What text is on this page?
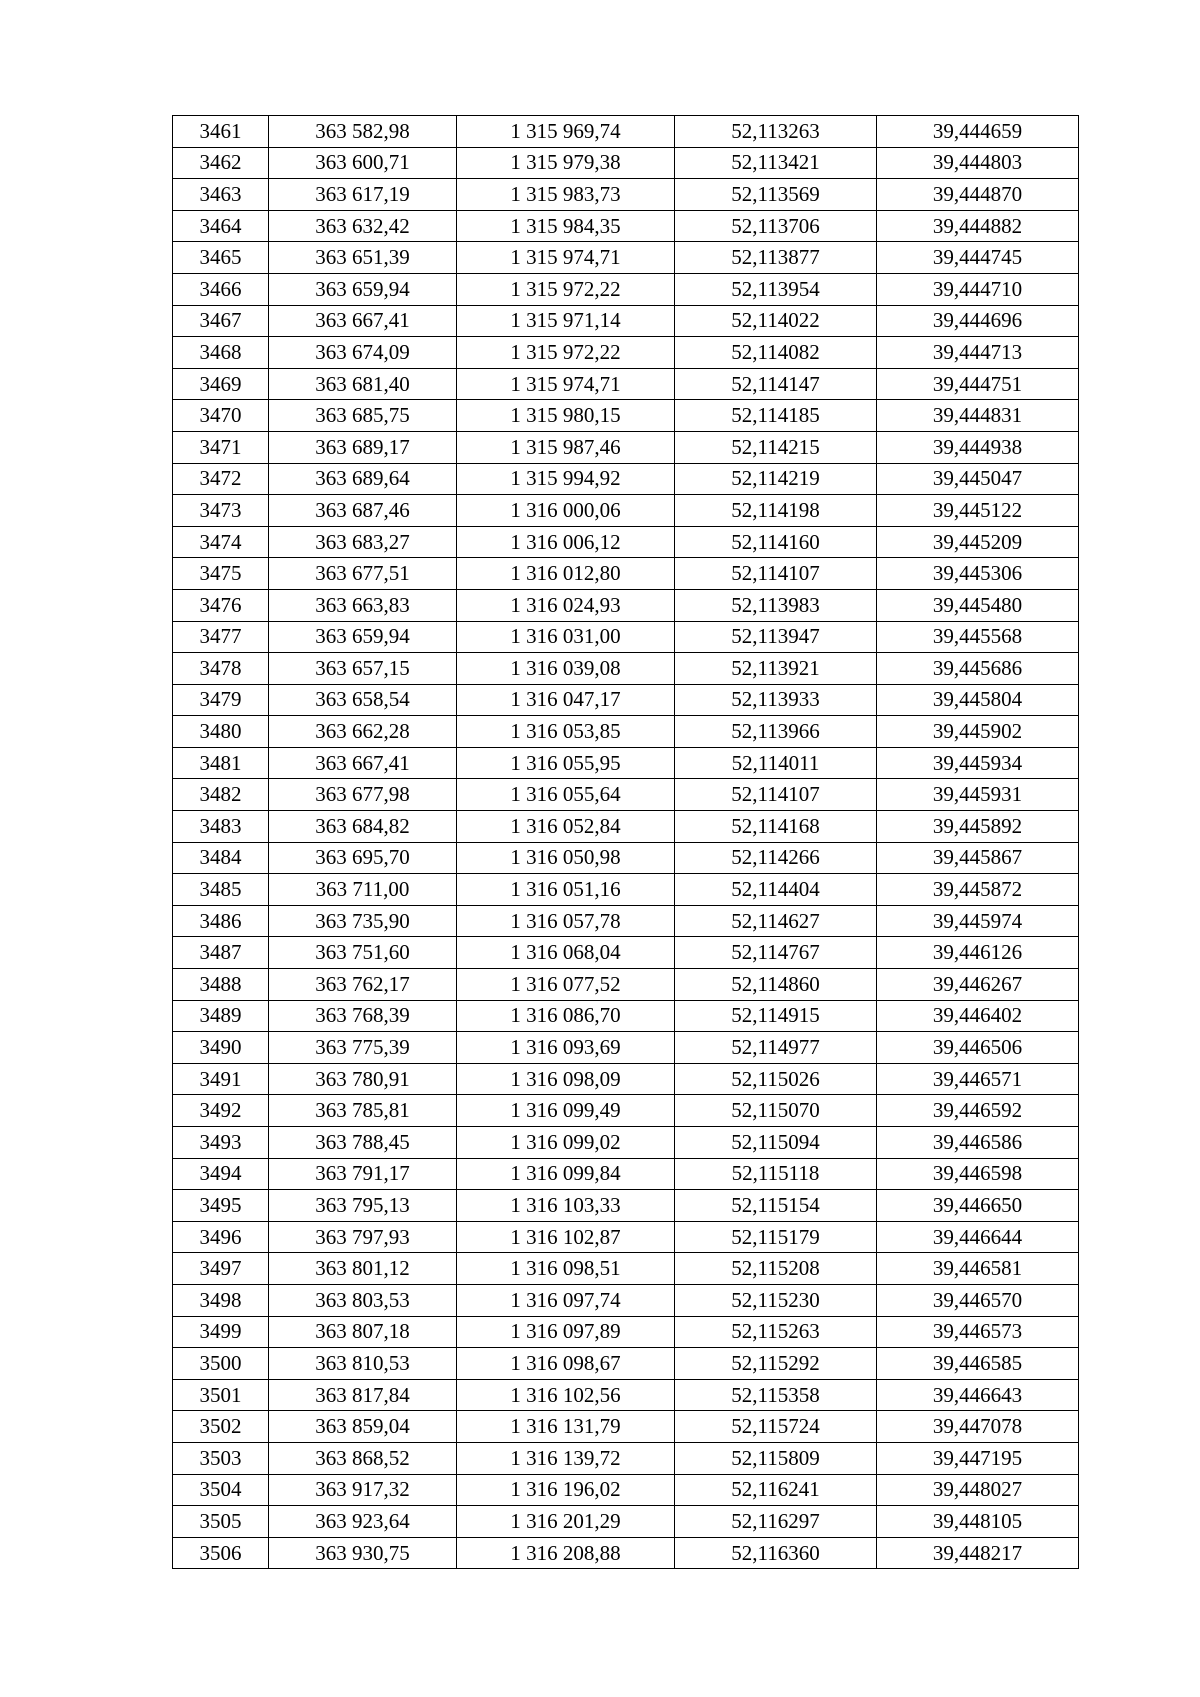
3461	363 582,98	1 315 969,74	52,113263	39,444659
3462	363 600,71	1 315 979,38	52,113421	39,444803
3463	363 617,19	1 315 983,73	52,113569	39,444870
3464	363 632,42	1 315 984,35	52,113706	39,444882
3465	363 651,39	1 315 974,71	52,113877	39,444745
3466	363 659,94	1 315 972,22	52,113954	39,444710
3467	363 667,41	1 315 971,14	52,114022	39,444696
3468	363 674,09	1 315 972,22	52,114082	39,444713
3469	363 681,40	1 315 974,71	52,114147	39,444751
3470	363 685,75	1 315 980,15	52,114185	39,444831
3471	363 689,17	1 315 987,46	52,114215	39,444938
3472	363 689,64	1 315 994,92	52,114219	39,445047
3473	363 687,46	1 316 000,06	52,114198	39,445122
3474	363 683,27	1 316 006,12	52,114160	39,445209
3475	363 677,51	1 316 012,80	52,114107	39,445306
3476	363 663,83	1 316 024,93	52,113983	39,445480
3477	363 659,94	1 316 031,00	52,113947	39,445568
3478	363 657,15	1 316 039,08	52,113921	39,445686
3479	363 658,54	1 316 047,17	52,113933	39,445804
3480	363 662,28	1 316 053,85	52,113966	39,445902
3481	363 667,41	1 316 055,95	52,114011	39,445934
3482	363 677,98	1 316 055,64	52,114107	39,445931
3483	363 684,82	1 316 052,84	52,114168	39,445892
3484	363 695,70	1 316 050,98	52,114266	39,445867
3485	363 711,00	1 316 051,16	52,114404	39,445872
3486	363 735,90	1 316 057,78	52,114627	39,445974
3487	363 751,60	1 316 068,04	52,114767	39,446126
3488	363 762,17	1 316 077,52	52,114860	39,446267
3489	363 768,39	1 316 086,70	52,114915	39,446402
3490	363 775,39	1 316 093,69	52,114977	39,446506
3491	363 780,91	1 316 098,09	52,115026	39,446571
3492	363 785,81	1 316 099,49	52,115070	39,446592
3493	363 788,45	1 316 099,02	52,115094	39,446586
3494	363 791,17	1 316 099,84	52,115118	39,446598
3495	363 795,13	1 316 103,33	52,115154	39,446650
3496	363 797,93	1 316 102,87	52,115179	39,446644
3497	363 801,12	1 316 098,51	52,115208	39,446581
3498	363 803,53	1 316 097,74	52,115230	39,446570
3499	363 807,18	1 316 097,89	52,115263	39,446573
3500	363 810,53	1 316 098,67	52,115292	39,446585
3501	363 817,84	1 316 102,56	52,115358	39,446643
3502	363 859,04	1 316 131,79	52,115724	39,447078
3503	363 868,52	1 316 139,72	52,115809	39,447195
3504	363 917,32	1 316 196,02	52,116241	39,448027
3505	363 923,64	1 316 201,29	52,116297	39,448105
3506	363 930,75	1 316 208,88	52,116360	39,448217
